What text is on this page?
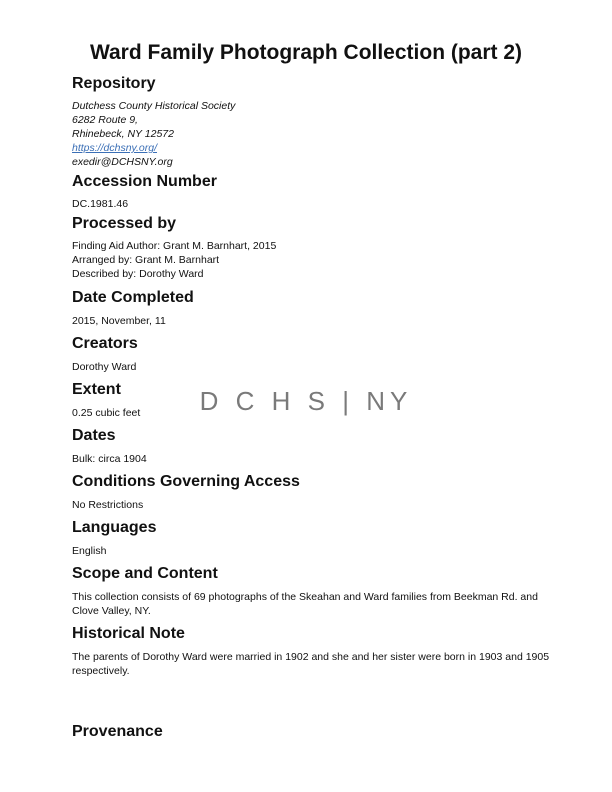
Ward Family Photograph Collection (part 2)
D C H S | NY
Repository

Dutchess County Historical Society

6282 Route 9,

Rhinebeck, NY 12572

https://dchsny.org/

exedir@DCHSNY.org

Accession Number

DC.1981.46

Processed by

Finding Aid Author: Grant M. Barnhart, 2015

Arranged by: Grant M. Barnhart

Described by: Dorothy Ward

Date Completed

2015, November, 11

Creators

Dorothy Ward

Extent

0.25 cubic feet

Dates

Bulk: circa 1904

Conditions Governing Access

No Restrictions

Languages

English

Scope and Content

This collection consists of 69 photographs of the Skeahan and Ward families from Beekman Rd. and Clove Valley, NY.

Historical Note

The parents of Dorothy Ward were married in 1902 and she and her sister were born in 1903 and 1905 respectively.

Provenance
